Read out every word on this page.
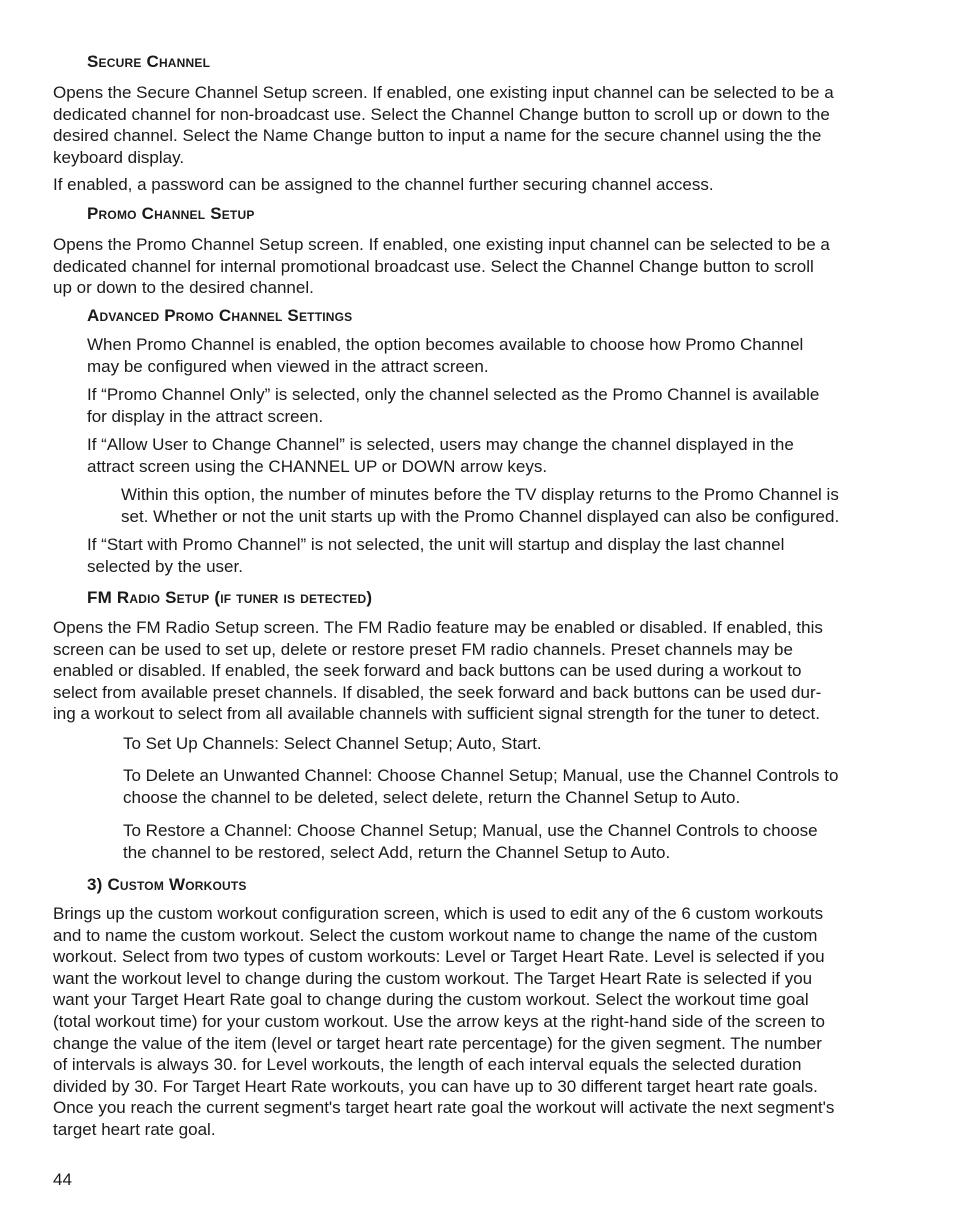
Secure Channel
Opens the Secure Channel Setup screen. If enabled, one existing input channel can be selected to be a
dedicated channel for non-broadcast use. Select the Channel Change button to scroll up or down to the
desired channel. Select the Name Change button to input a name for the secure channel using the the
keyboard display.
If enabled, a password can be assigned to the channel further securing channel access.
Promo Channel Setup
Opens the Promo Channel Setup screen. If enabled, one existing input channel can be selected to be a
dedicated channel for internal promotional broadcast use. Select the Channel Change button to scroll
up or down to the desired channel.
Advanced Promo Channel Settings
When Promo Channel is enabled, the option becomes available to choose how Promo Channel
may be configured when viewed in the attract screen.
If “Promo Channel Only” is selected, only the channel selected as the Promo Channel is available
for display in the attract screen.
If “Allow User to Change Channel” is selected, users may change the channel displayed in the
attract screen using the CHANNEL UP or DOWN arrow keys.
Within this option, the number of minutes before the TV display returns to the Promo Channel is
set. Whether or not the unit starts up with the Promo Channel displayed can also be configured.
If “Start with Promo Channel” is not selected, the unit will startup and display the last channel
selected by the user.
FM Radio Setup (if tuner is detected)
Opens the FM Radio Setup screen. The FM Radio feature may be enabled or disabled. If enabled, this
screen can be used to set up, delete or restore preset FM radio channels. Preset channels may be
enabled or disabled. If enabled, the seek forward and back buttons can be used during a workout to
select from available preset channels. If disabled, the seek forward and back buttons can be used dur-
ing a workout to select from all available channels with sufficient signal strength for the tuner to detect.
To Set Up Channels: Select Channel Setup; Auto, Start.
To Delete an Unwanted Channel: Choose Channel Setup; Manual, use the Channel Controls to
choose the channel to be deleted, select delete, return the Channel Setup to Auto.
To Restore a Channel: Choose Channel Setup; Manual, use the Channel Controls to choose
the channel to be restored, select Add, return the Channel Setup to Auto.
3) Custom Workouts
Brings up the custom workout configuration screen, which is used to edit any of the 6 custom workouts
and to name the custom workout. Select the custom workout name to change the name of the custom
workout. Select from two types of custom workouts: Level or Target Heart Rate. Level is selected if you
want the workout level to change during the custom workout. The Target Heart Rate is selected if you
want your Target Heart Rate goal to change during the custom workout. Select the workout time goal
(total workout time) for your custom workout. Use the arrow keys at the right-hand side of the screen to
change the value of the item (level or target heart rate percentage) for the given segment. The number
of intervals is always 30. for Level workouts, the length of each interval equals the selected duration
divided by 30. For Target Heart Rate workouts, you can have up to 30 different target heart rate goals.
Once you reach the current segment's target heart rate goal the workout will activate the next segment's
target heart rate goal.
44
